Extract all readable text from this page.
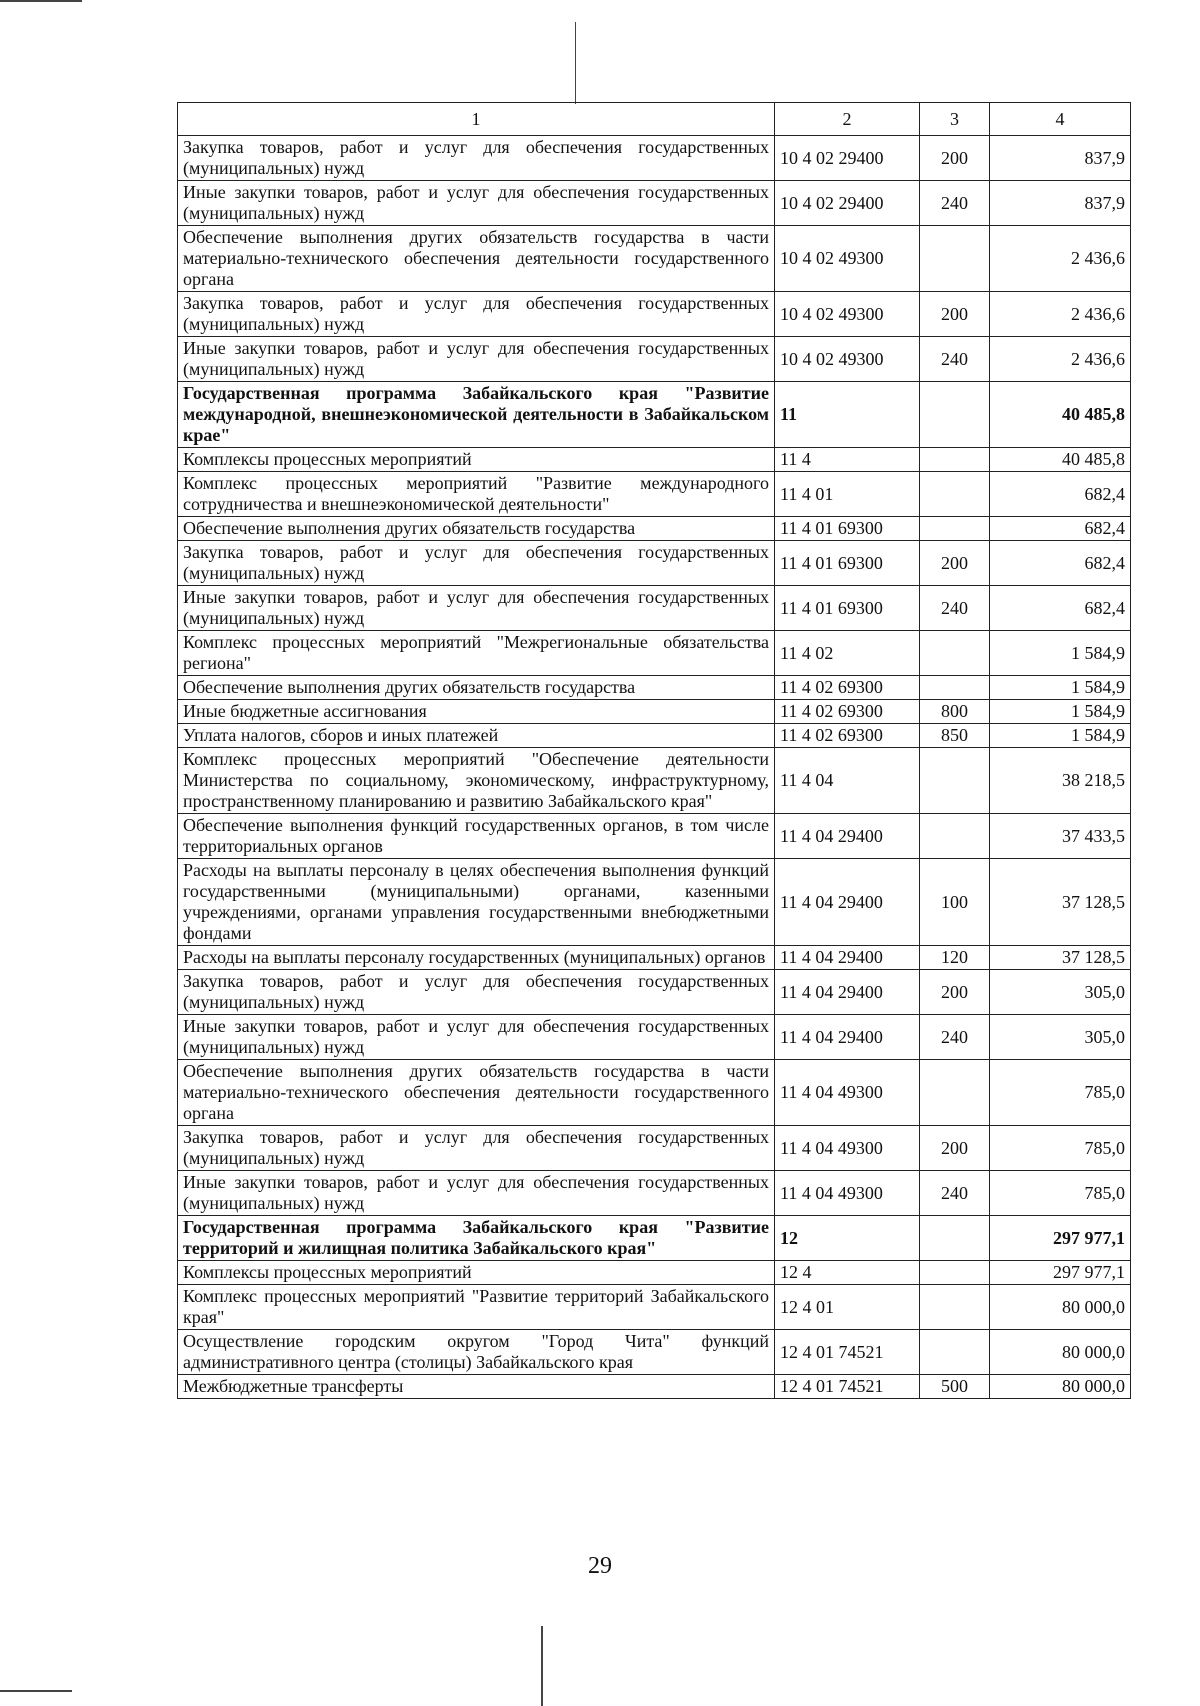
1	2	3	4
Закупка товаров, работ и услуг для обеспечения государственных (муниципальных) нужд	10 4 02 29400	200	837,9
Иные закупки товаров, работ и услуг для обеспечения государственных (муниципальных) нужд	10 4 02 29400	240	837,9
Обеспечение выполнения других обязательств государства в части материально-технического обеспечения деятельности государственного органа	10 4 02 49300		2 436,6
Закупка товаров, работ и услуг для обеспечения государственных (муниципальных) нужд	10 4 02 49300	200	2 436,6
Иные закупки товаров, работ и услуг для обеспечения государственных (муниципальных) нужд	10 4 02 49300	240	2 436,6
Государственная программа Забайкальского края "Развитие международной, внешнеэкономической деятельности в Забайкальском крае"	11		40 485,8
Комплексы процессных мероприятий	11 4		40 485,8
Комплекс процессных мероприятий "Развитие международного сотрудничества и внешнеэкономической деятельности"	11 4 01		682,4
Обеспечение выполнения других обязательств государства	11 4 01 69300		682,4
Закупка товаров, работ и услуг для обеспечения государственных (муниципальных) нужд	11 4 01 69300	200	682,4
Иные закупки товаров, работ и услуг для обеспечения государственных (муниципальных) нужд	11 4 01 69300	240	682,4
Комплекс процессных мероприятий "Межрегиональные обязательства региона"	11 4 02		1 584,9
Обеспечение выполнения других обязательств государства	11 4 02 69300		1 584,9
Иные бюджетные ассигнования	11 4 02 69300	800	1 584,9
Уплата налогов, сборов и иных платежей	11 4 02 69300	850	1 584,9
Комплекс процессных мероприятий "Обеспечение деятельности Министерства по социальному, экономическому, инфраструктурному, пространственному планированию и развитию Забайкальского края"	11 4 04		38 218,5
Обеспечение выполнения функций государственных органов, в том числе территориальных органов	11 4 04 29400		37 433,5
Расходы на выплаты персоналу в целях обеспечения выполнения функций государственными (муниципальными) органами, казенными учреждениями, органами управления государственными внебюджетными фондами	11 4 04 29400	100	37 128,5
Расходы на выплаты персоналу государственных (муниципальных) органов	11 4 04 29400	120	37 128,5
Закупка товаров, работ и услуг для обеспечения государственных (муниципальных) нужд	11 4 04 29400	200	305,0
Иные закупки товаров, работ и услуг для обеспечения государственных (муниципальных) нужд	11 4 04 29400	240	305,0
Обеспечение выполнения других обязательств государства в части материально-технического обеспечения деятельности государственного органа	11 4 04 49300		785,0
Закупка товаров, работ и услуг для обеспечения государственных (муниципальных) нужд	11 4 04 49300	200	785,0
Иные закупки товаров, работ и услуг для обеспечения государственных (муниципальных) нужд	11 4 04 49300	240	785,0
Государственная программа Забайкальского края "Развитие территорий и жилищная политика Забайкальского края"	12		297 977,1
Комплексы процессных мероприятий	12 4		297 977,1
Комплекс процессных мероприятий "Развитие территорий Забайкальского края"	12 4 01		80 000,0
Осуществление городским округом "Город Чита" функций административного центра (столицы) Забайкальского края	12 4 01 74521		80 000,0
Межбюджетные трансферты	12 4 01 74521	500	80 000,0
29
